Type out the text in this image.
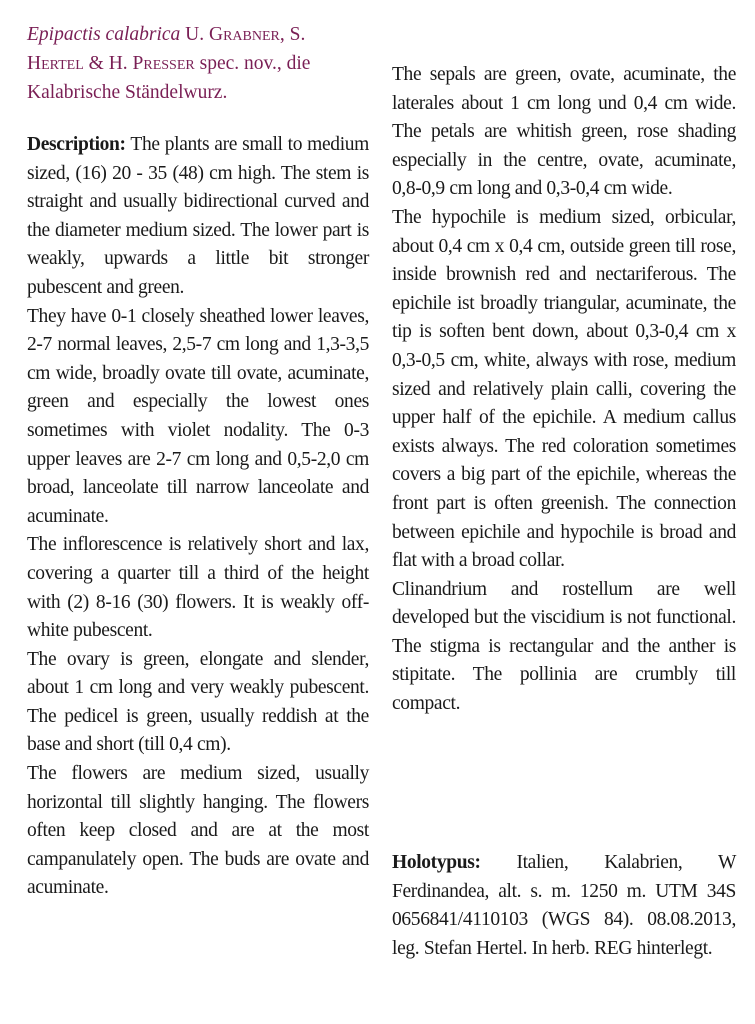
Epipactis calabrica U. Grabner, S.
Hertel & H. Presser spec. nov., die
Kalabrische Ständelwurz.

Description: The plants are small to medium sized, (16) 20 - 35 (48) cm high. The stem is straight and usually bidirectional curved and the diameter medium sized. The lower part is weakly, upwards a little bit stronger pubescent and green.

They have 0-1 closely sheathed lower leaves, 2-7 normal leaves, 2,5-7 cm long and 1,3-3,5 cm wide, broadly ovate till ovate, acuminate, green and especially the lowest ones sometimes with violet nodality. The 0-3 upper leaves are 2-7 cm long and 0,5-2,0 cm broad, lanceolate till narrow lanceolate and acuminate.

The inflorescence is relatively short and lax, covering a quarter till a third of the height with (2) 8-16 (30) flowers. It is weakly off-white pubescent.

The ovary is green, elongate and slender, about 1 cm long and very weakly pubescent. The pedicel is green, usually reddish at the base and short (till 0,4 cm).

The flowers are medium sized, usually horizontal till slightly hanging. The flowers often keep closed and are at the most campanulately open. The buds are ovate and acuminate.

The sepals are green, ovate, acuminate, the laterales about 1 cm long und 0,4 cm wide. The petals are whitish green, rose shading especially in the centre, ovate, acuminate, 0,8-0,9 cm long and 0,3-0,4 cm wide.

The hypochile is medium sized, orbicular, about 0,4 cm x 0,4 cm, outside green till rose, inside brownish red and nectariferous. The epichile ist broadly triangular, acuminate, the tip is soften bent down, about 0,3-0,4 cm x 0,3-0,5 cm, white, always with rose, medium sized and relatively plain calli, covering the upper half of the epichile. A medium callus exists always. The red coloration sometimes covers a big part of the epichile, whereas the front part is often greenish. The connection between epichile and hypochile is broad and flat with a broad collar.

Clinandrium and rostellum are well developed but the viscidium is not functional. The stigma is rectangular and the anther is stipitate. The pollinia are crumbly till compact.

Holotypus: Italien, Kalabrien, W Ferdinandea, alt. s. m. 1250 m. UTM 34S 0656841/4110103 (WGS 84). 08.08.2013, leg. Stefan Hertel. In herb. REG hinterlegt.
